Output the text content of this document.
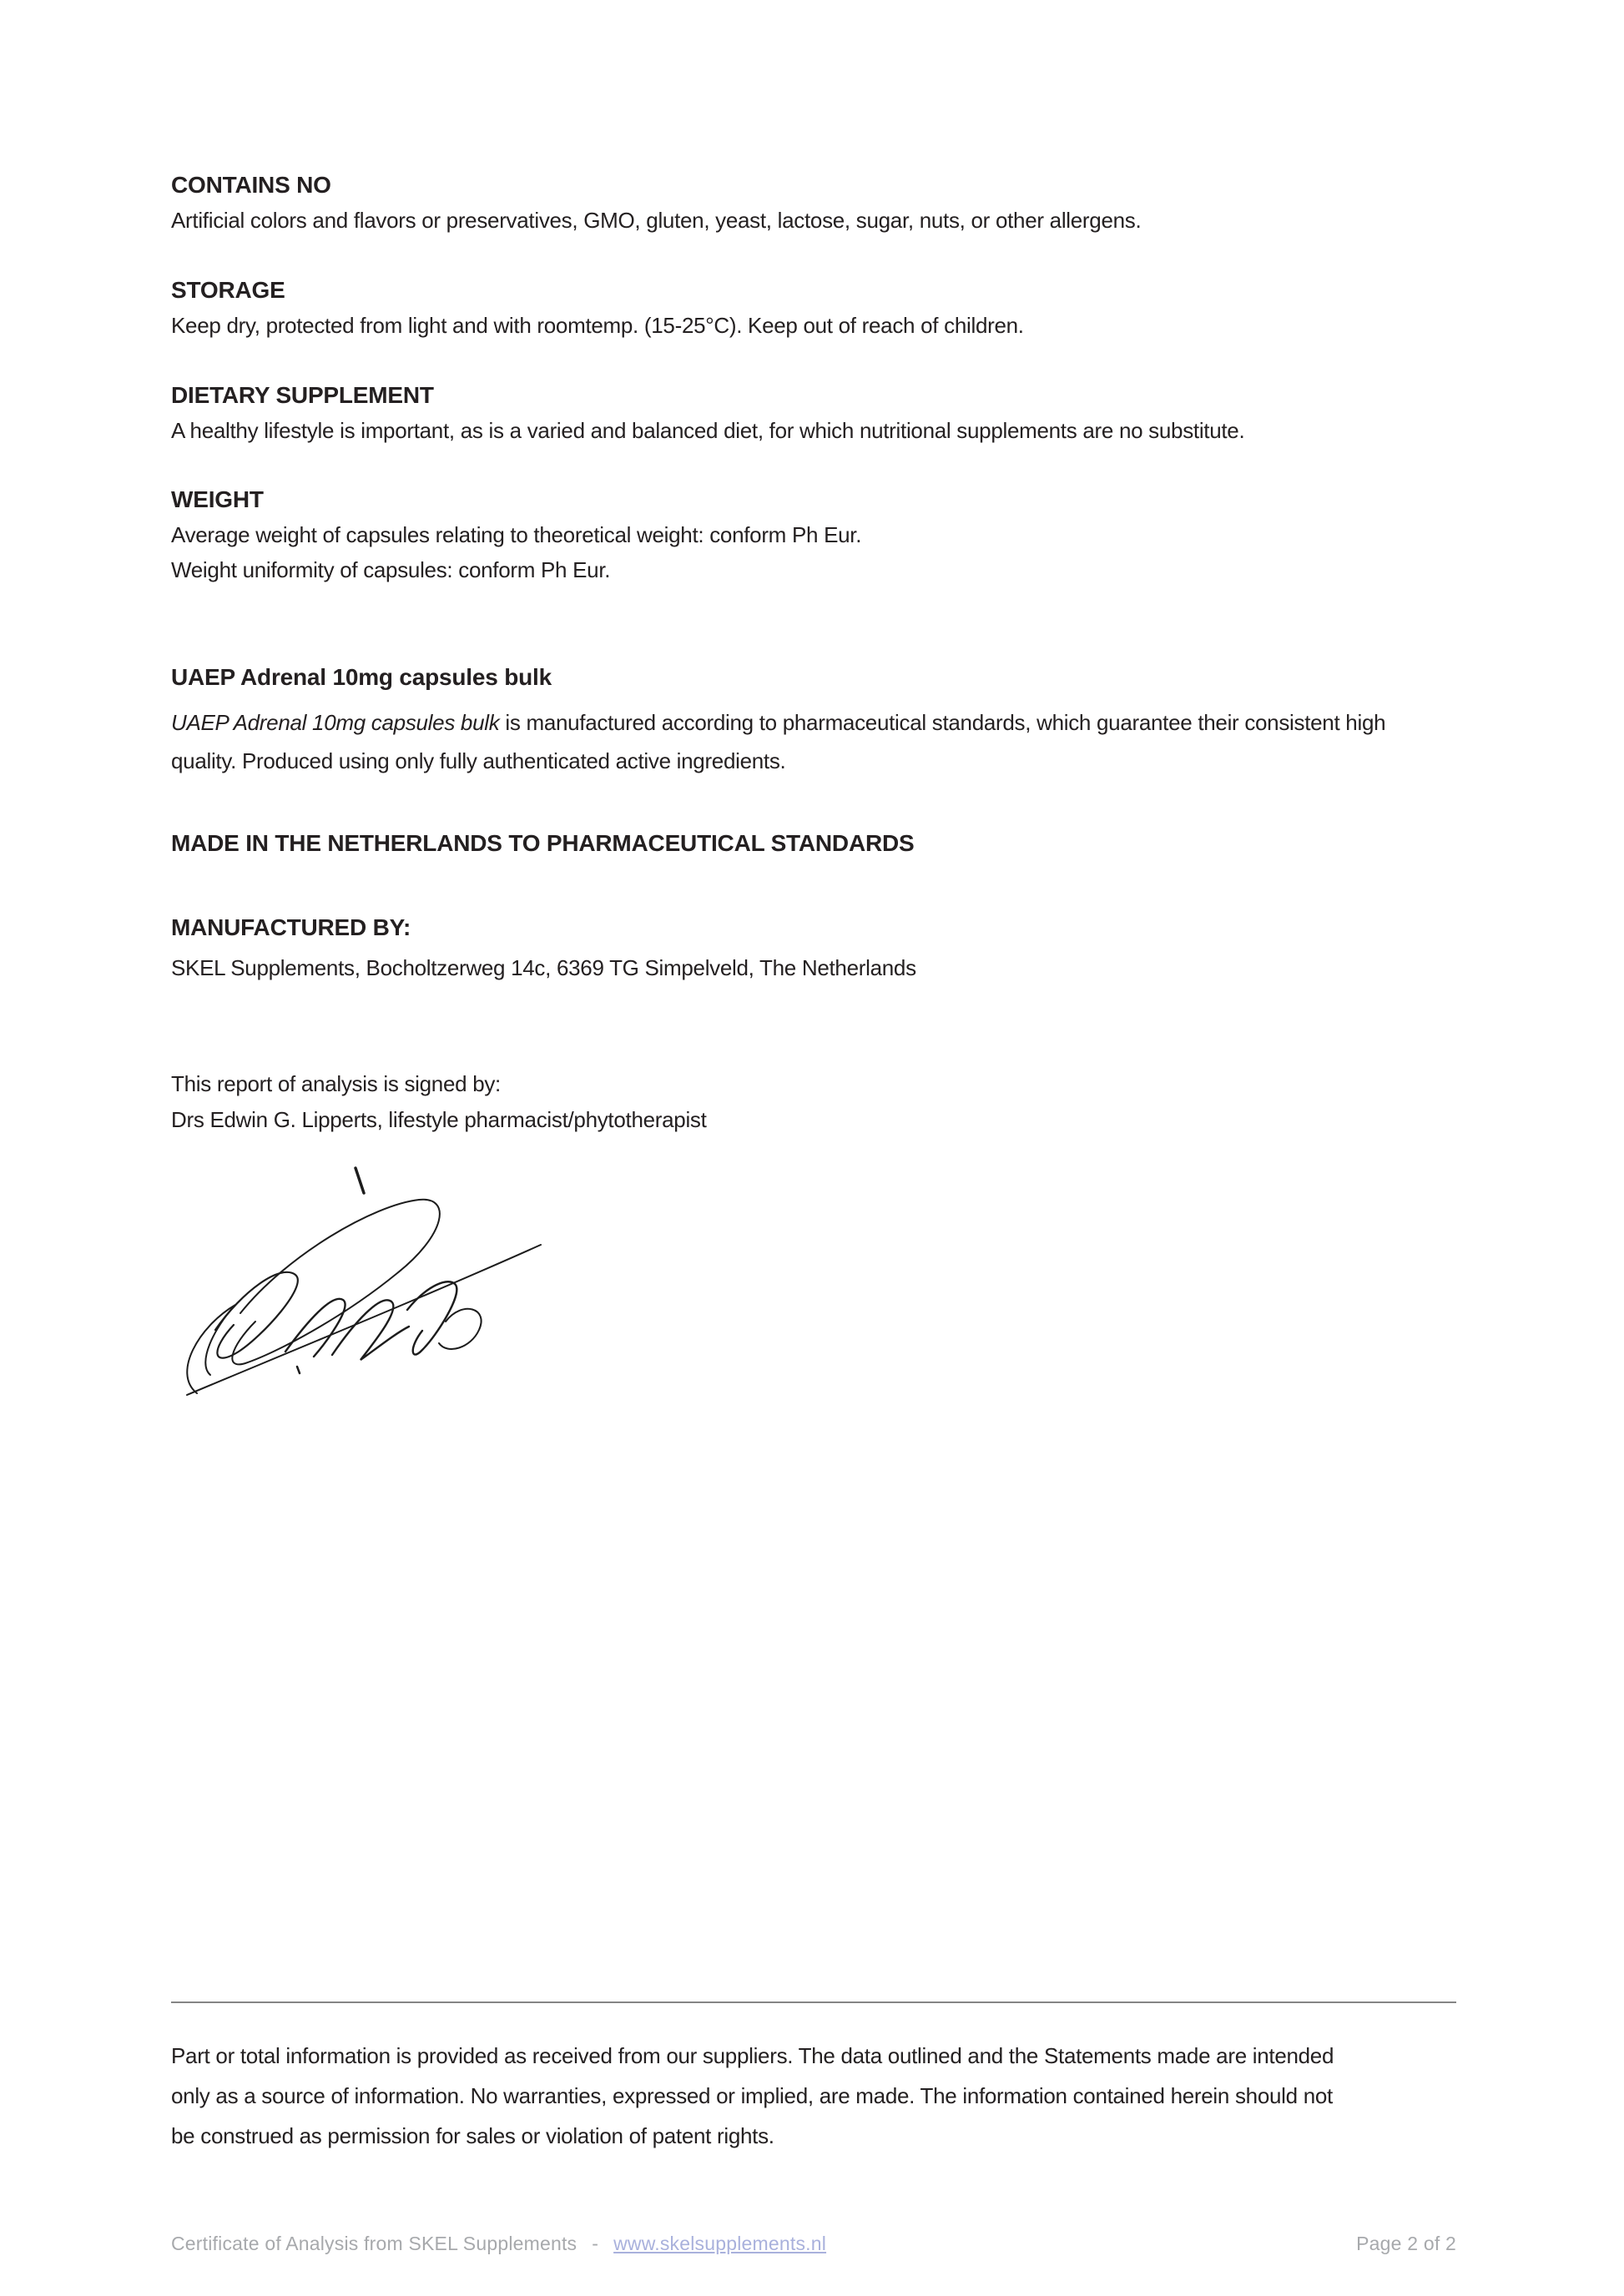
CONTAINS NO
Artificial colors and flavors or preservatives, GMO, gluten, yeast, lactose, sugar, nuts, or other allergens.
STORAGE
Keep dry, protected from light and with roomtemp. (15-25°C). Keep out of reach of children.
DIETARY SUPPLEMENT
A healthy lifestyle is important, as is a varied and balanced diet, for which nutritional supplements are no substitute.
WEIGHT
Average weight of capsules relating to theoretical weight: conform Ph Eur.
Weight uniformity of capsules: conform Ph Eur.
UAEP Adrenal 10mg capsules bulk
UAEP Adrenal 10mg capsules bulk is manufactured according to pharmaceutical standards, which guarantee their consistent high quality. Produced using only fully authenticated active ingredients.
MADE IN THE NETHERLANDS TO PHARMACEUTICAL STANDARDS
MANUFACTURED BY:
SKEL Supplements, Bocholtzerweg 14c, 6369 TG Simpelveld, The Netherlands
This report of analysis is signed by:
Drs Edwin G. Lipperts, lifestyle pharmacist/phytotherapist
Part or total information is provided as received from our suppliers. The data outlined and the Statements made are intended
only as a source of information. No warranties, expressed or implied, are made. The information contained herein should not
be construed as permission for sales or violation of patent rights.
Certificate of Analysis from SKEL Supplements - www.skelsupplements.nl	Page 2 of 2
